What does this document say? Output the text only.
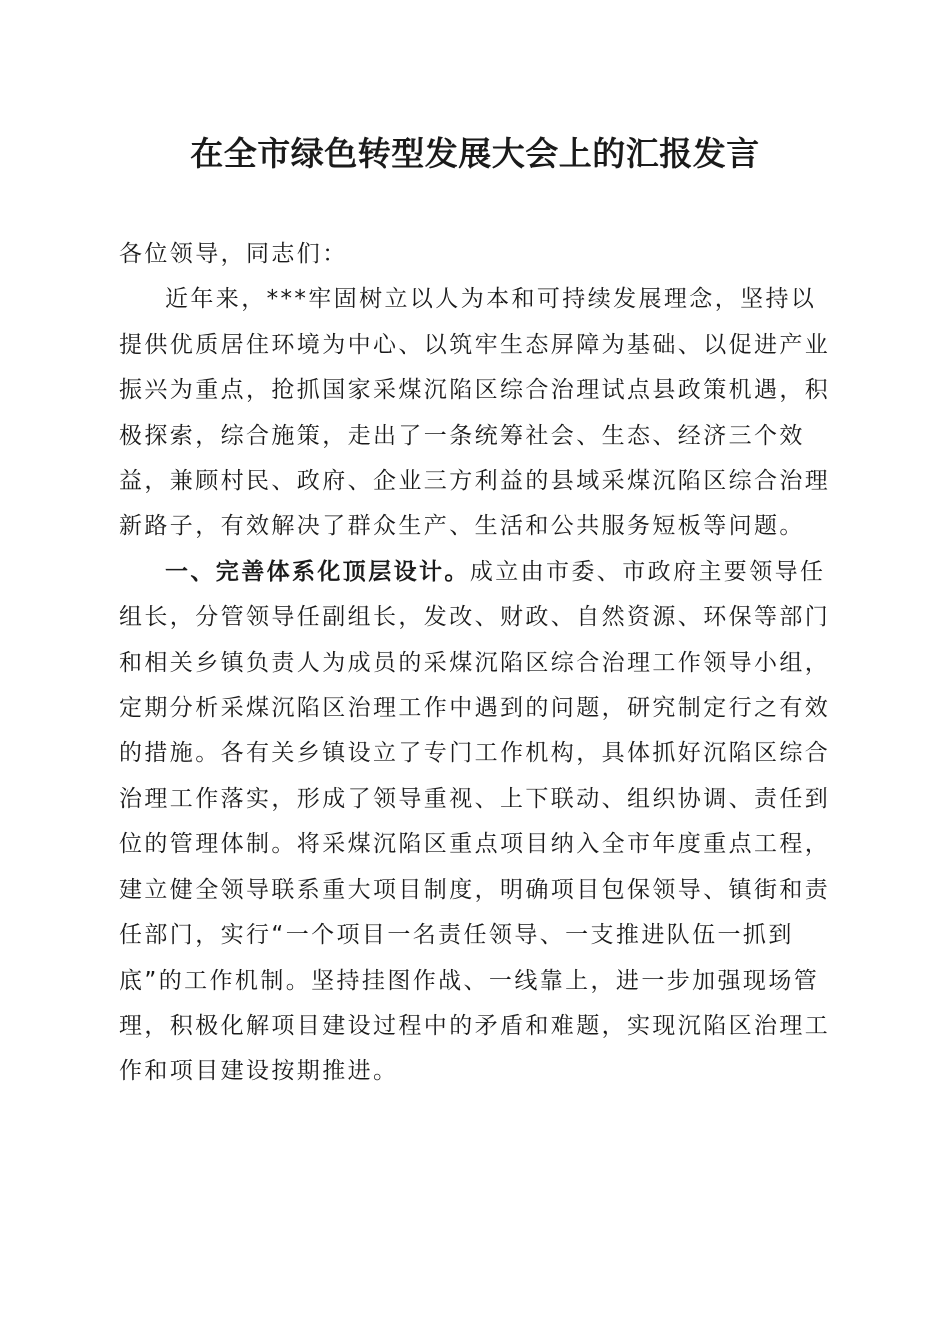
在全市绿色转型发展大会上的汇报发言

各位领导，同志们：

近年来，***牢固树立以人为本和可持续发展理念，坚持以提供优质居住环境为中心、以筑牢生态屏障为基础、以促进产业振兴为重点，抢抓国家采煤沉陷区综合治理试点县政策机遇，积极探索，综合施策，走出了一条统筹社会、生态、经济三个效益，兼顾村民、政府、企业三方利益的县域采煤沉陷区综合治理新路子，有效解决了群众生产、生活和公共服务短板等问题。

一、完善体系化顶层设计。成立由市委、市政府主要领导任组长，分管领导任副组长，发改、财政、自然资源、环保等部门和相关乡镇负责人为成员的采煤沉陷区综合治理工作领导小组，定期分析采煤沉陷区治理工作中遇到的问题，研究制定行之有效的措施。各有关乡镇设立了专门工作机构，具体抓好沉陷区综合治理工作落实，形成了领导重视、上下联动、组织协调、责任到位的管理体制。将采煤沉陷区重点项目纳入全市年度重点工程，建立健全领导联系重大项目制度，明确项目包保领导、镇街和责任部门，实行“一个项目一名责任领导、一支推进队伍一抓到底”的工作机制。坚持挂图作战、一线靠上，进一步加强现场管理，积极化解项目建设过程中的矛盾和难题，实现沉陷区治理工作和项目建设按期推进。
